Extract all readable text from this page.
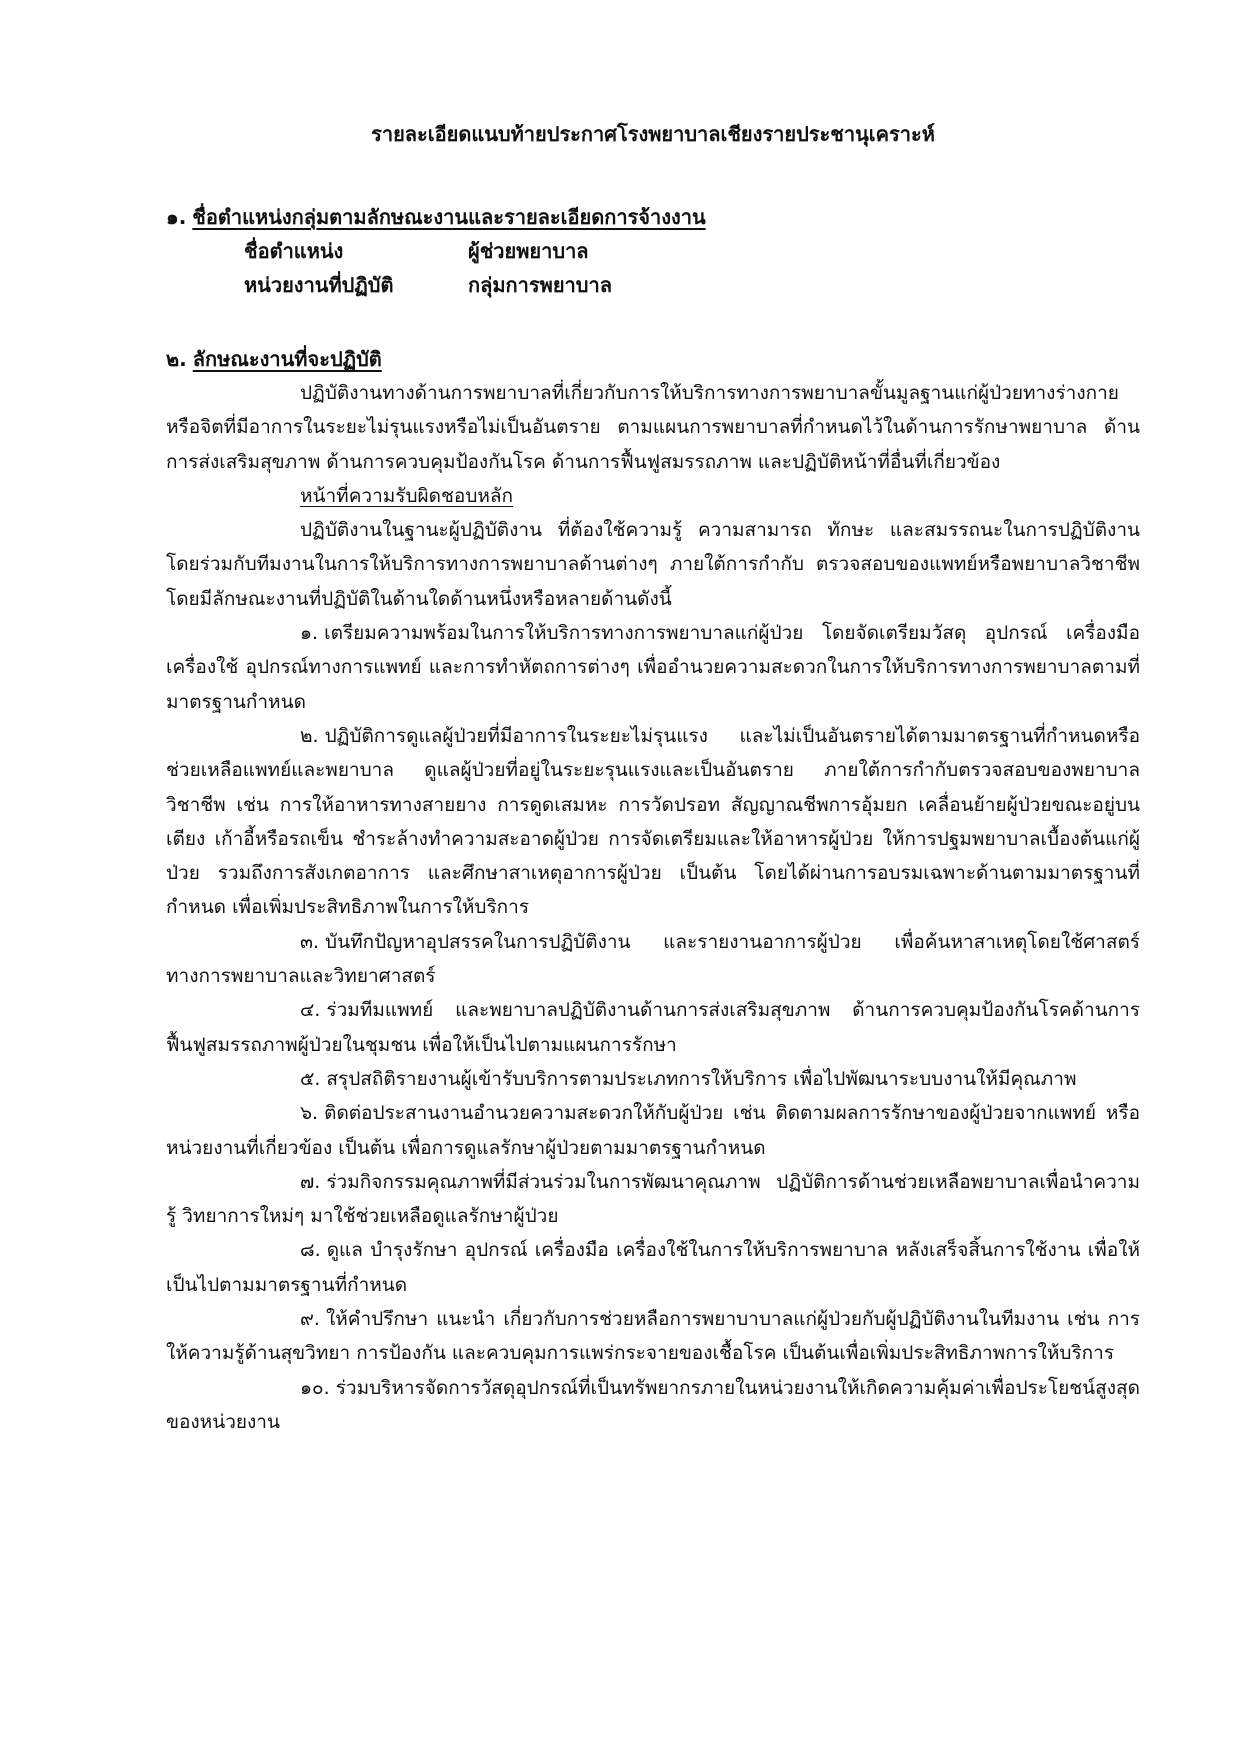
รายละเอียดแนบท้ายประกาศโรงพยาบาลเชียงรายประชานุเคราะห์

๑. ชื่อตำแหน่งกลุ่มตามลักษณะงานและรายละเอียดการจ้างงาน

ชื่อตำแหน่ง	ผู้ช่วยพยาบาล
หน่วยงานที่ปฏิบัติ	กลุ่มการพยาบาล

๒. ลักษณะงานที่จะปฏิบัติ

ปฏิบัติงานทางด้านการพยาบาลที่เกี่ยวกับการให้บริการทางการพยาบาลขั้นมูลฐานแก่ผู้ป่วยทางร่างกายหรือจิตที่มีอาการในระยะไม่รุนแรงหรือไม่เป็นอันตราย ตามแผนการพยาบาลที่กำหนดไว้ในด้านการรักษาพยาบาล ด้านการส่งเสริมสุขภาพ ด้านการควบคุมป้องกันโรค ด้านการฟื้นฟูสมรรถภาพ และปฏิบัติหน้าที่อื่นที่เกี่ยวข้อง

หน้าที่ความรับผิดชอบหลัก

ปฏิบัติงานในฐานะผู้ปฏิบัติงาน ที่ต้องใช้ความรู้ ความสามารถ ทักษะ และสมรรถนะในการปฏิบัติงาน โดยร่วมกับทีมงานในการให้บริการทางการพยาบาลด้านต่างๆ ภายใต้การกำกับ ตรวจสอบของแพทย์หรือพยาบาลวิชาชีพ โดยมีลักษณะงานที่ปฏิบัติในด้านใดด้านหนึ่งหรือหลายด้านดังนี้

๑. เตรียมความพร้อมในการให้บริการทางการพยาบาลแก่ผู้ป่วย โดยจัดเตรียมวัสดุ อุปกรณ์ เครื่องมือ เครื่องใช้ อุปกรณ์ทางการแพทย์ และการทำหัตถการต่างๆ เพื่ออำนวยความสะดวกในการให้บริการทางการพยาบาลตามที่มาตรฐานกำหนด

๒. ปฏิบัติการดูแลผู้ป่วยที่มีอาการในระยะไม่รุนแรง และไม่เป็นอันตรายได้ตามมาตรฐานที่กำหนดหรือช่วยเหลือแพทย์และพยาบาล ดูแลผู้ป่วยที่อยู่ในระยะรุนแรงและเป็นอันตราย ภายใต้การกำกับตรวจสอบของพยาบาลวิชาชีพ เช่น การให้อาหารทางสายยาง การดูดเสมหะ การวัดปรอท สัญญาณชีพการอุ้มยก เคลื่อนย้ายผู้ป่วยขณะอยู่บนเตียง เก้าอี้หรือรถเข็น ชำระล้างทำความสะอาดผู้ป่วย การจัดเตรียมและให้อาหารผู้ป่วย ให้การปฐมพยาบาลเบื้องต้นแก่ผู้ป่วย รวมถึงการสังเกตอาการ และศึกษาสาเหตุอาการผู้ป่วย เป็นต้น โดยได้ผ่านการอบรมเฉพาะด้านตามมาตรฐานที่กำหนด เพื่อเพิ่มประสิทธิภาพในการให้บริการ

๓. บันทึกปัญหาอุปสรรคในการปฏิบัติงาน และรายงานอาการผู้ป่วย เพื่อค้นหาสาเหตุโดยใช้ศาสตร์ทางการพยาบาลและวิทยาศาสตร์

๔. ร่วมทีมแพทย์ และพยาบาลปฏิบัติงานด้านการส่งเสริมสุขภาพ ด้านการควบคุมป้องกันโรคด้านการฟื้นฟูสมรรถภาพผู้ป่วยในชุมชน เพื่อให้เป็นไปตามแผนการรักษา

๕. สรุปสถิติรายงานผู้เข้ารับบริการตามประเภทการให้บริการ เพื่อไปพัฒนาระบบงานให้มีคุณภาพ

๖. ติดต่อประสานงานอำนวยความสะดวกให้กับผู้ป่วย เช่น ติดตามผลการรักษาของผู้ป่วยจากแพทย์ หรือหน่วยงานที่เกี่ยวข้อง เป็นต้น เพื่อการดูแลรักษาผู้ป่วยตามมาตรฐานกำหนด

๗. ร่วมกิจกรรมคุณภาพที่มีส่วนร่วมในการพัฒนาคุณภาพ ปฏิบัติการด้านช่วยเหลือพยาบาลเพื่อนำความรู้ วิทยาการใหม่ๆ มาใช้ช่วยเหลือดูแลรักษาผู้ป่วย

๘. ดูแล บำรุงรักษา อุปกรณ์ เครื่องมือ เครื่องใช้ในการให้บริการพยาบาล หลังเสร็จสิ้นการใช้งาน เพื่อให้เป็นไปตามมาตรฐานที่กำหนด

๙. ให้คำปรึกษา แนะนำ เกี่ยวกับการช่วยหลือการพยาบาบาลแก่ผู้ป่วยกับผู้ปฏิบัติงานในทีมงาน เช่น การให้ความรู้ด้านสุขวิทยา การป้องกัน และควบคุมการแพร่กระจายของเชื้อโรค เป็นต้นเพื่อเพิ่มประสิทธิภาพการให้บริการ

๑๐. ร่วมบริหารจัดการวัสดุอุปกรณ์ที่เป็นทรัพยากรภายในหน่วยงานให้เกิดความคุ้มค่าเพื่อประโยชน์สูงสุดของหน่วยงาน
